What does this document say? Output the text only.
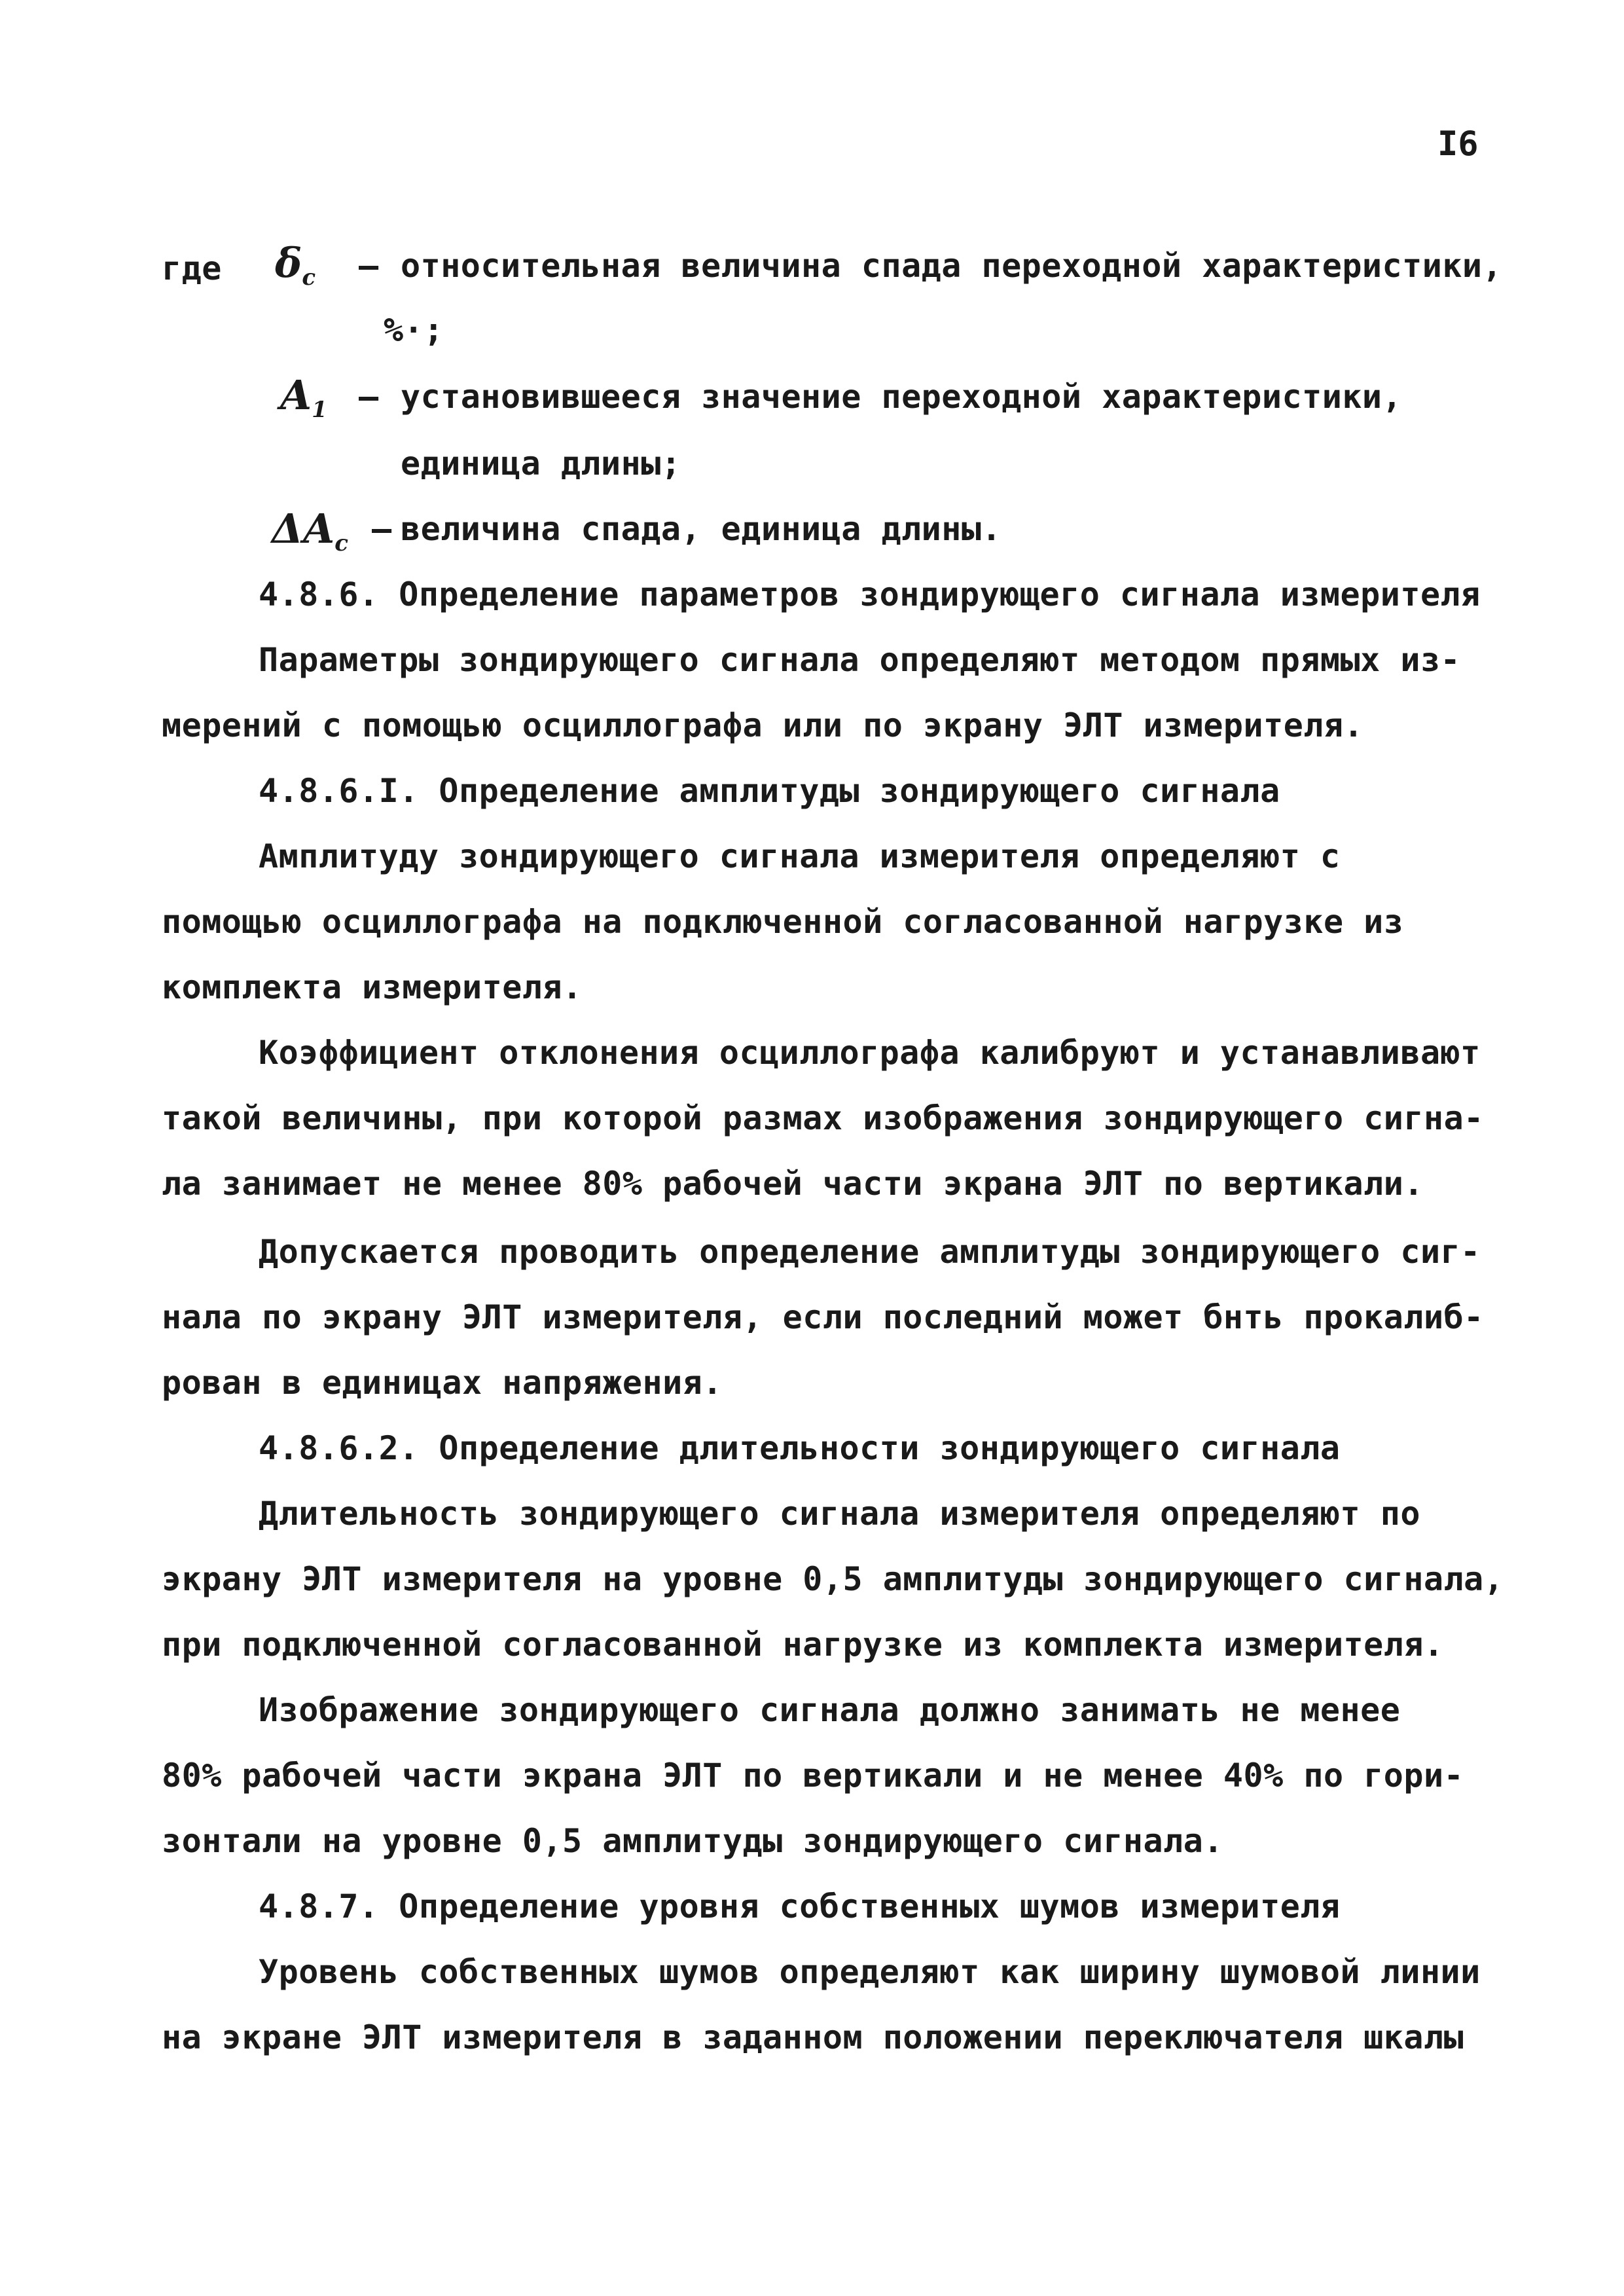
I6
где $\delta_c$ – относительная величина спада переходной характеристики,
%·;
$A_1$ – установившееся значение переходной характеристики,
единица длины;
$\Delta A_c$ – величина спада, единица длины.
4.8.6. Определение параметров зондирующего сигнала измерителя
Параметры зондирующего сигнала определяют методом прямых из-
мерений с помощью осциллографа или по экрану ЭЛТ измерителя.
4.8.6.I. Определение амплитуды зондирующего сигнала
Амплитуду зондирующего сигнала измерителя определяют с
помощью осциллографа на подключенной согласованной нагрузке из
комплекта измерителя.
Коэффициент отклонения осциллографа калибруют и устанавливают
такой величины, при которой размах изображения зондирующего сигна-
ла занимает не менее 80% рабочей части экрана ЭЛТ по вертикали.
Допускается проводить определение амплитуды зондирующего сиг-
нала по экрану ЭЛТ измерителя, если последний может бнть прокалиб-
рован в единицах напряжения.
4.8.6.2. Определение длительности зондирующего сигнала
Длительность зондирующего сигнала измерителя определяют по
экрану ЭЛТ измерителя на уровне 0,5 амплитуды зондирующего сигнала,
при подключенной согласованной нагрузке из комплекта измерителя.
Изображение зондирующего сигнала должно занимать не менее
80% рабочей части экрана ЭЛТ по вертикали и не менее 40% по гори-
зонтали на уровне 0,5 амплитуды зондирующего сигнала.
4.8.7. Определение уровня собственных шумов измерителя
Уровень собственных шумов определяют как ширину шумовой линии
на экране ЭЛТ измерителя в заданном положении переключателя шкалы
